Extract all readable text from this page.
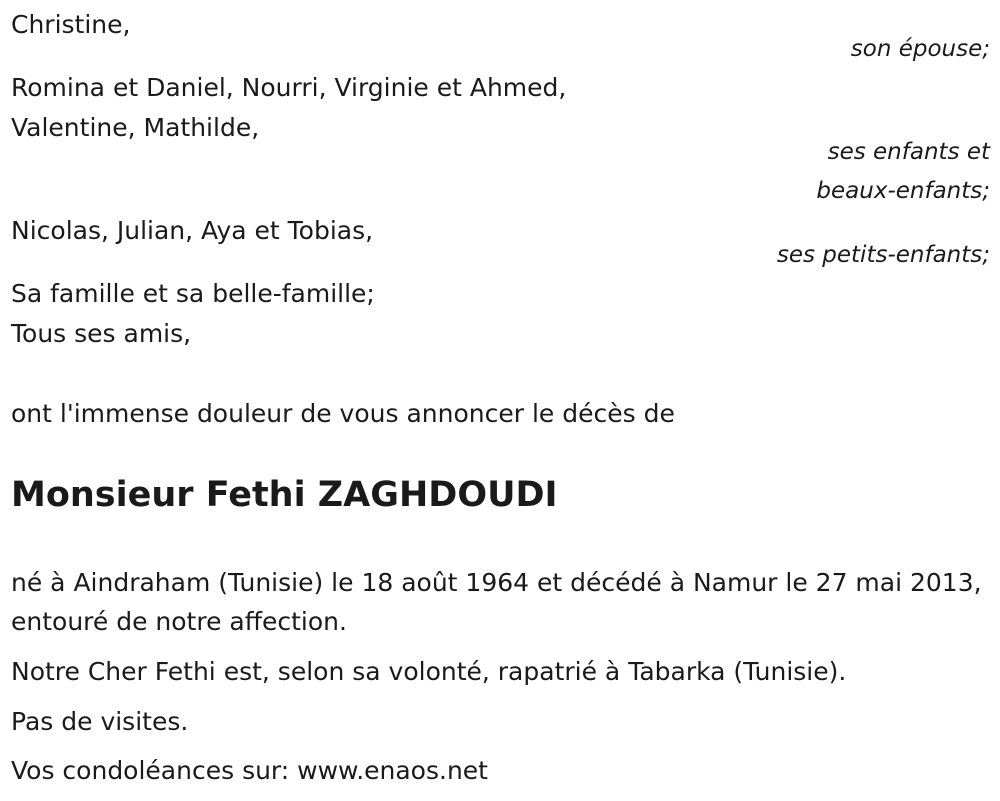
Christine,
son épouse;
Romina et Daniel, Nourri, Virginie et Ahmed,
Valentine, Mathilde,
ses enfants et
beaux-enfants;
Nicolas, Julian, Aya et Tobias,
ses petits-enfants;
Sa famille et sa belle-famille;
Tous ses amis,
ont l'immense douleur de vous annoncer le décès de
Monsieur Fethi ZAGHDOUDI
né à Aindraham (Tunisie) le 18 août 1964 et décédé à Namur le 27 mai 2013, entouré de notre affection.
Notre Cher Fethi est, selon sa volonté, rapatrié à Tabarka (Tunisie).
Pas de visites.
Vos condoléances sur: www.enaos.net
